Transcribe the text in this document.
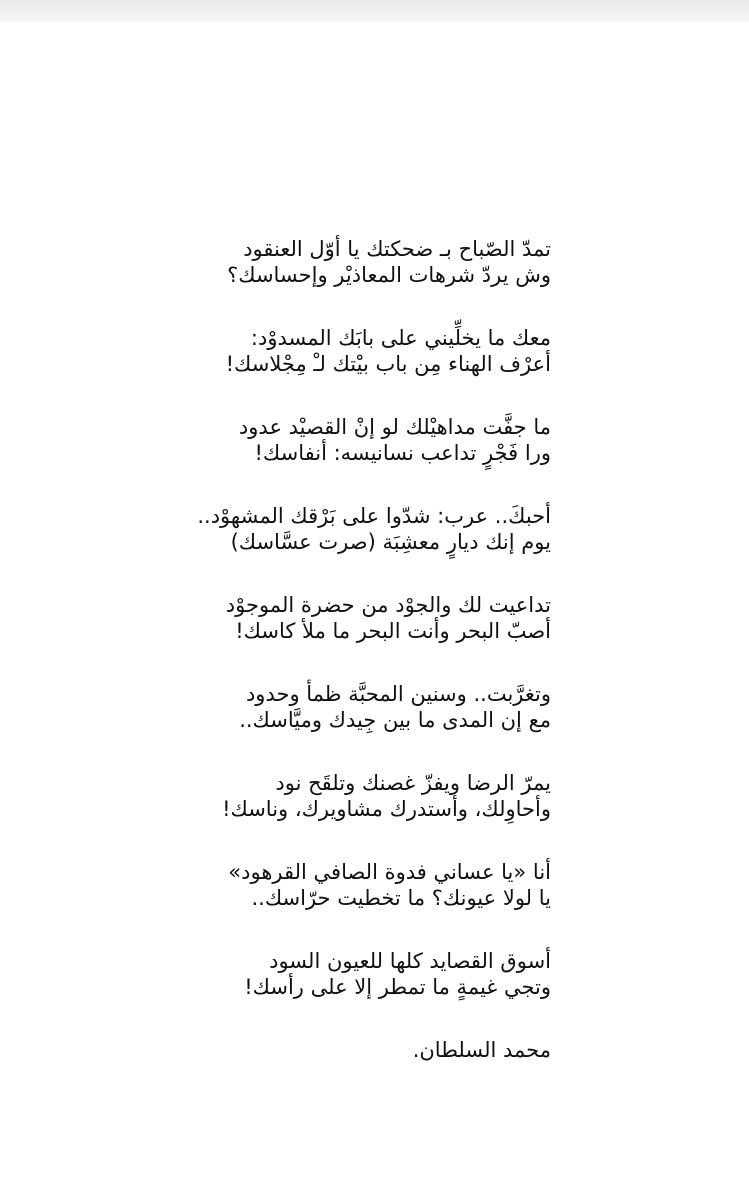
تمدّ الصّباح بـ ضحكتك يا أوّل العنقود
وش يردّ شرهات المعاذيْر وإحساسك؟
معك ما يخلِّيني على بابَك المسدوْد:
أعرْف الهناء مِن باب بيْتك لـْ مِجْلاسك!
ما جفَّت مداهيْلك لو إنْ القصيْد عدود
ورا فَجْرٍ تداعب نسانيسه: أنفاسك!
أحبكَ.. عرب: شدّوا على بَرْقك المشهوْد..
يوم إنك ديارٍ معشِبَة (صرت عسَّاسك)
تداعيت لك والجوْد من حضرة الموجوْد
أصبّ البحر وأنت البحر ما ملأ كاسك!
وتغرَّبت.. وسنين المحبَّة ظمأ وحدود
مع إن المدى ما بين جِيدك وميَّاسك..
يمرّ الرضا ويفزّ غصنك وتلقَح نود
وأحاوِلك، وأستدرك مشاويرك، وناسك!
أنا «يا عساني فدوة الصافي القرهود»
يا لولا عيونك؟ ما تخطيت حرّاسك..
أسوق القصايد كلها للعيون السود
وتجي غيمةٍ ما تمطر إلا على رأسك!
محمد السلطان.
